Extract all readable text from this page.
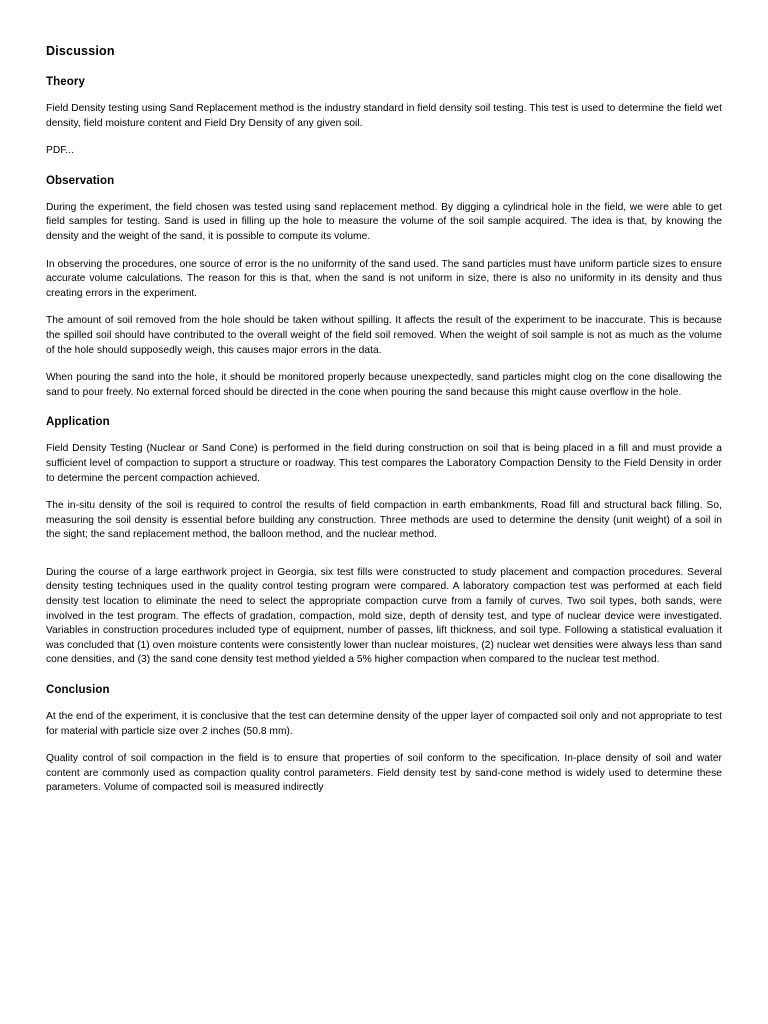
Discussion
Theory

Field Density testing using Sand Replacement method is the industry standard in field density soil testing. This test is used to determine the field wet density, field moisture content and Field Dry Density of any given soil.

PDF...

Observation

During the experiment, the field chosen was tested using sand replacement method. By digging a cylindrical hole in the field, we were able to get field samples for testing. Sand is used in filling up the hole to measure the volume of the soil sample acquired. The idea is that, by knowing the density and the weight of the sand, it is possible to compute its volume.

In observing the procedures, one source of error is the no uniformity of the sand used. The sand particles must have uniform particle sizes to ensure accurate volume calculations. The reason for this is that, when the sand is not uniform in size, there is also no uniformity in its density and thus creating errors in the experiment.

The amount of soil removed from the hole should be taken without spilling. It affects the result of the experiment to be inaccurate. This is because the spilled soil should have contributed to the overall weight of the field soil removed. When the weight of soil sample is not as much as the volume of the hole should supposedly weigh, this causes major errors in the data.

When pouring the sand into the hole, it should be monitored properly because unexpectedly, sand particles might clog on the cone disallowing the sand to pour freely. No external forced should be directed in the cone when pouring the sand because this might cause overflow in the hole.

Application

Field Density Testing (Nuclear or Sand Cone) is performed in the field during construction on soil that is being placed in a fill and must provide a sufficient level of compaction to support a structure or roadway. This test compares the Laboratory Compaction Density to the Field Density in order to determine the percent compaction achieved.

The in-situ density of the soil is required to control the results of field compaction in earth embankments, Road fill and structural back filling. So, measuring the soil density is essential before building any construction. Three methods are used to determine the density (unit weight) of a soil in the sight; the sand replacement method, the balloon method, and the nuclear method.

During the course of a large earthwork project in Georgia, six test fills were constructed to study placement and compaction procedures. Several density testing techniques used in the quality control testing program were compared. A laboratory compaction test was performed at each field density test location to eliminate the need to select the appropriate compaction curve from a family of curves. Two soil types, both sands, were involved in the test program. The effects of gradation, compaction, mold size, depth of density test, and type of nuclear device were investigated. Variables in construction procedures included type of equipment, number of passes, lift thickness, and soil type. Following a statistical evaluation it was concluded that (1) oven moisture contents were consistently lower than nuclear moistures, (2) nuclear wet densities were always less than sand cone densities, and (3) the sand cone density test method yielded a 5% higher compaction when compared to the nuclear test method.

Conclusion

At the end of the experiment, it is conclusive that the test can determine density of the upper layer of compacted soil only and not appropriate to test for material with particle size over 2 inches (50.8 mm).

Quality control of soil compaction in the field is to ensure that properties of soil conform to the specification. In-place density of soil and water content are commonly used as compaction quality control parameters. Field density test by sand-cone method is widely used to determine these parameters. Volume of compacted soil is measured indirectly
